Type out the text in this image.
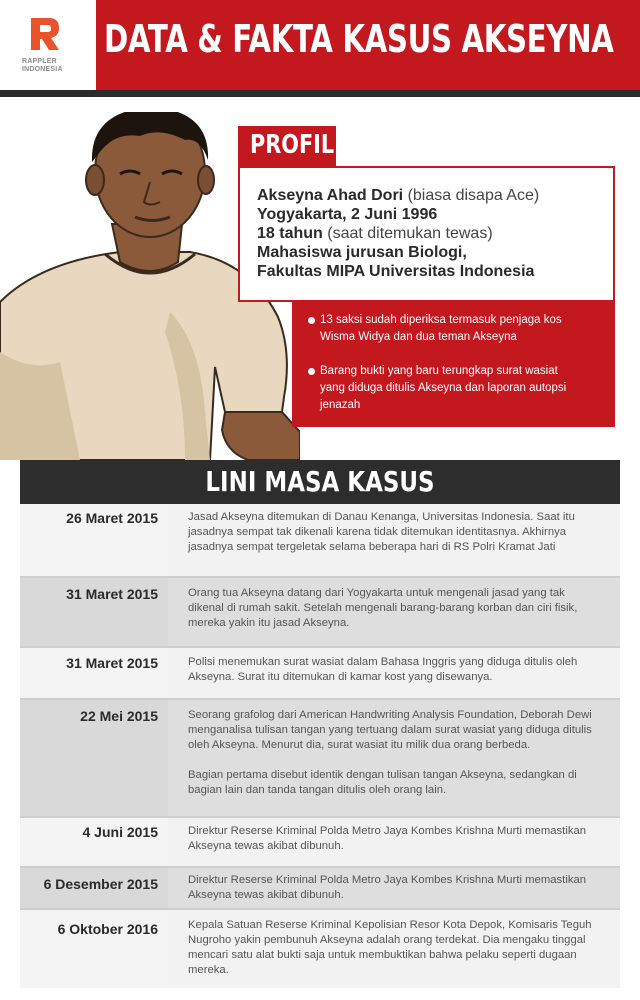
RAPPLER
INDONESIA
DATA & FAKTA KASUS AKSEYNA
PROFIL
Akseyna Ahad Dori (biasa disapa Ace)
Yogyakarta, 2 Juni 1996
18 tahun (saat ditemukan tewas)
Mahasiswa jurusan Biologi,
Fakultas MIPA Universitas Indonesia
13 saksi sudah diperiksa termasuk penjaga kos
Wisma Widya dan dua teman Akseyna
Barang bukti yang baru terungkap surat wasiat
yang diduga ditulis Akseyna dan laporan autopsi
jenazah
LINI MASA KASUS
26 Maret 2015	Jasad Akseyna ditemukan di Danau Kenanga, Universitas Indonesia. Saat itu jasadnya sempat tak dikenali karena tidak ditemukan identitasnya. Akhirnya jasadnya sempat tergeletak selama beberapa hari di RS Polri Kramat Jati

31 Maret 2015	Orang tua Akseyna datang dari Yogyakarta untuk mengenali jasad yang tak dikenal di rumah sakit. Setelah mengenali barang-barang korban dan ciri fisik, mereka yakin itu jasad Akseyna.

31 Maret 2015	Polisi menemukan surat wasiat dalam Bahasa Inggris yang diduga ditulis oleh Akseyna. Surat itu ditemukan di kamar kost yang disewanya.

22 Mei 2015	Seorang grafolog dari American Handwriting Analysis Foundation, Deborah Dewi menganalisa tulisan tangan yang tertuang dalam surat wasiat yang diduga ditulis oleh Akseyna. Menurut dia, surat wasiat itu milik dua orang berbeda.

Bagian pertama disebut identik dengan tulisan tangan Akseyna, sedangkan di bagian lain dan tanda tangan ditulis oleh orang lain.

4 Juni 2015	Direktur Reserse Kriminal Polda Metro Jaya Kombes Krishna Murti memastikan Akseyna tewas akibat dibunuh.

6 Desember 2015	Direktur Reserse Kriminal Polda Metro Jaya Kombes Krishna Murti memastikan Akseyna tewas akibat dibunuh.

6 Oktober 2016	Kepala Satuan Reserse Kriminal Kepolisian Resor Kota Depok, Komisaris Teguh Nugroho yakin pembunuh Akseyna adalah orang terdekat. Dia mengaku tinggal mencari satu alat bukti saja untuk membuktikan bahwa pelaku seperti dugaan mereka.
